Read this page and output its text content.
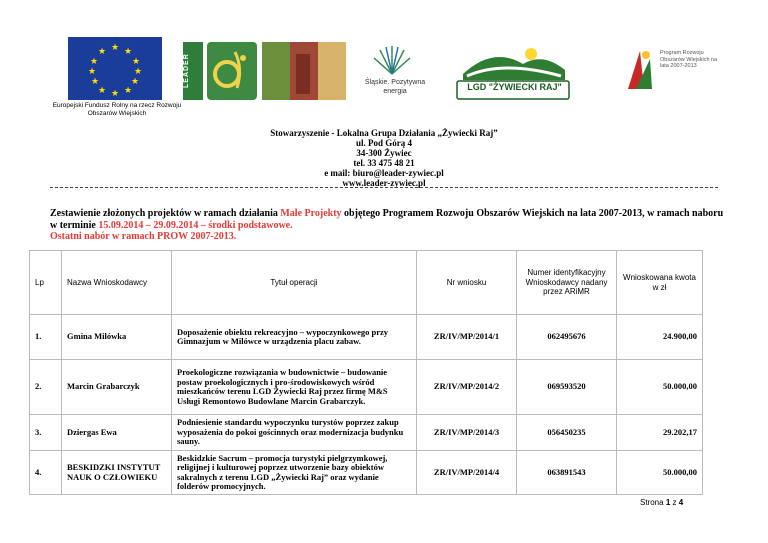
★ ★
★
★
★
★
★
★
★
★
★
★
Europejski Fundusz Rolny na rzecz Rozwoju Obszarów Wiejskich
LEADER	Śląskie. Pozytywna energia	LGD "ŻYWIECKI RAJ"
Program Rozwoju Obszarów Wiejskich na lata 2007-2013
Stowarzyszenie - Lokalna Grupa Działania „Żywiecki Raj”
ul. Pod Górą 4
34-300 Żywiec
tel. 33 475 48 21
e mail: biuro@leader-zywiec.pl
www.leader-zywiec.pl
Zestawienie złożonych projektów w ramach działania Małe Projekty objętego Programem Rozwoju Obszarów Wiejskich na lata 2007-2013, w ramach naboru w terminie 15.09.2014 – 29.09.2014 – środki podstawowe.
Ostatni nabór w ramach PROW 2007-2013.
Lp	Nazwa Wnioskodawcy	Tytuł operacji	Nr wniosku	Numer identyfikacyjny Wnioskodawcy nadany przez ARiMR	Wnioskowana kwota w zł
1.	Gmina Milówka	Doposażenie obiektu rekreacyjno – wypoczynkowego przy Gimnazjum w Milówce w urządzenia placu zabaw.	ZR/IV/MP/2014/1	062495676	24.900,00
2.	Marcin Grabarczyk	Proekologiczne rozwiązania w budownictwie – budowanie postaw proekologicznych i pro-środowiskowych wśród mieszkańców terenu LGD Żywiecki Raj przez firmę M&S Usługi Remontowo Budowlane Marcin Grabarczyk.	ZR/IV/MP/2014/2	069593520	50.000,00
3.	Dziergas Ewa	Podniesienie standardu wypoczynku turystów poprzez zakup wyposażenia do pokoi gościnnych oraz modernizacja budynku sauny.	ZR/IV/MP/2014/3	056450235	29.202,17
4.	BESKIDZKI INSTYTUT NAUK O CZŁOWIEKU	Beskidzkie Sacrum – promocja turystyki pielgrzymkowej, religijnej i kulturowej poprzez utworzenie bazy obiektów sakralnych z terenu LGD „Żywiecki Raj” oraz wydanie folderów promocyjnych.	ZR/IV/MP/2014/4	063891543	50.000,00
Strona 1 z 4
